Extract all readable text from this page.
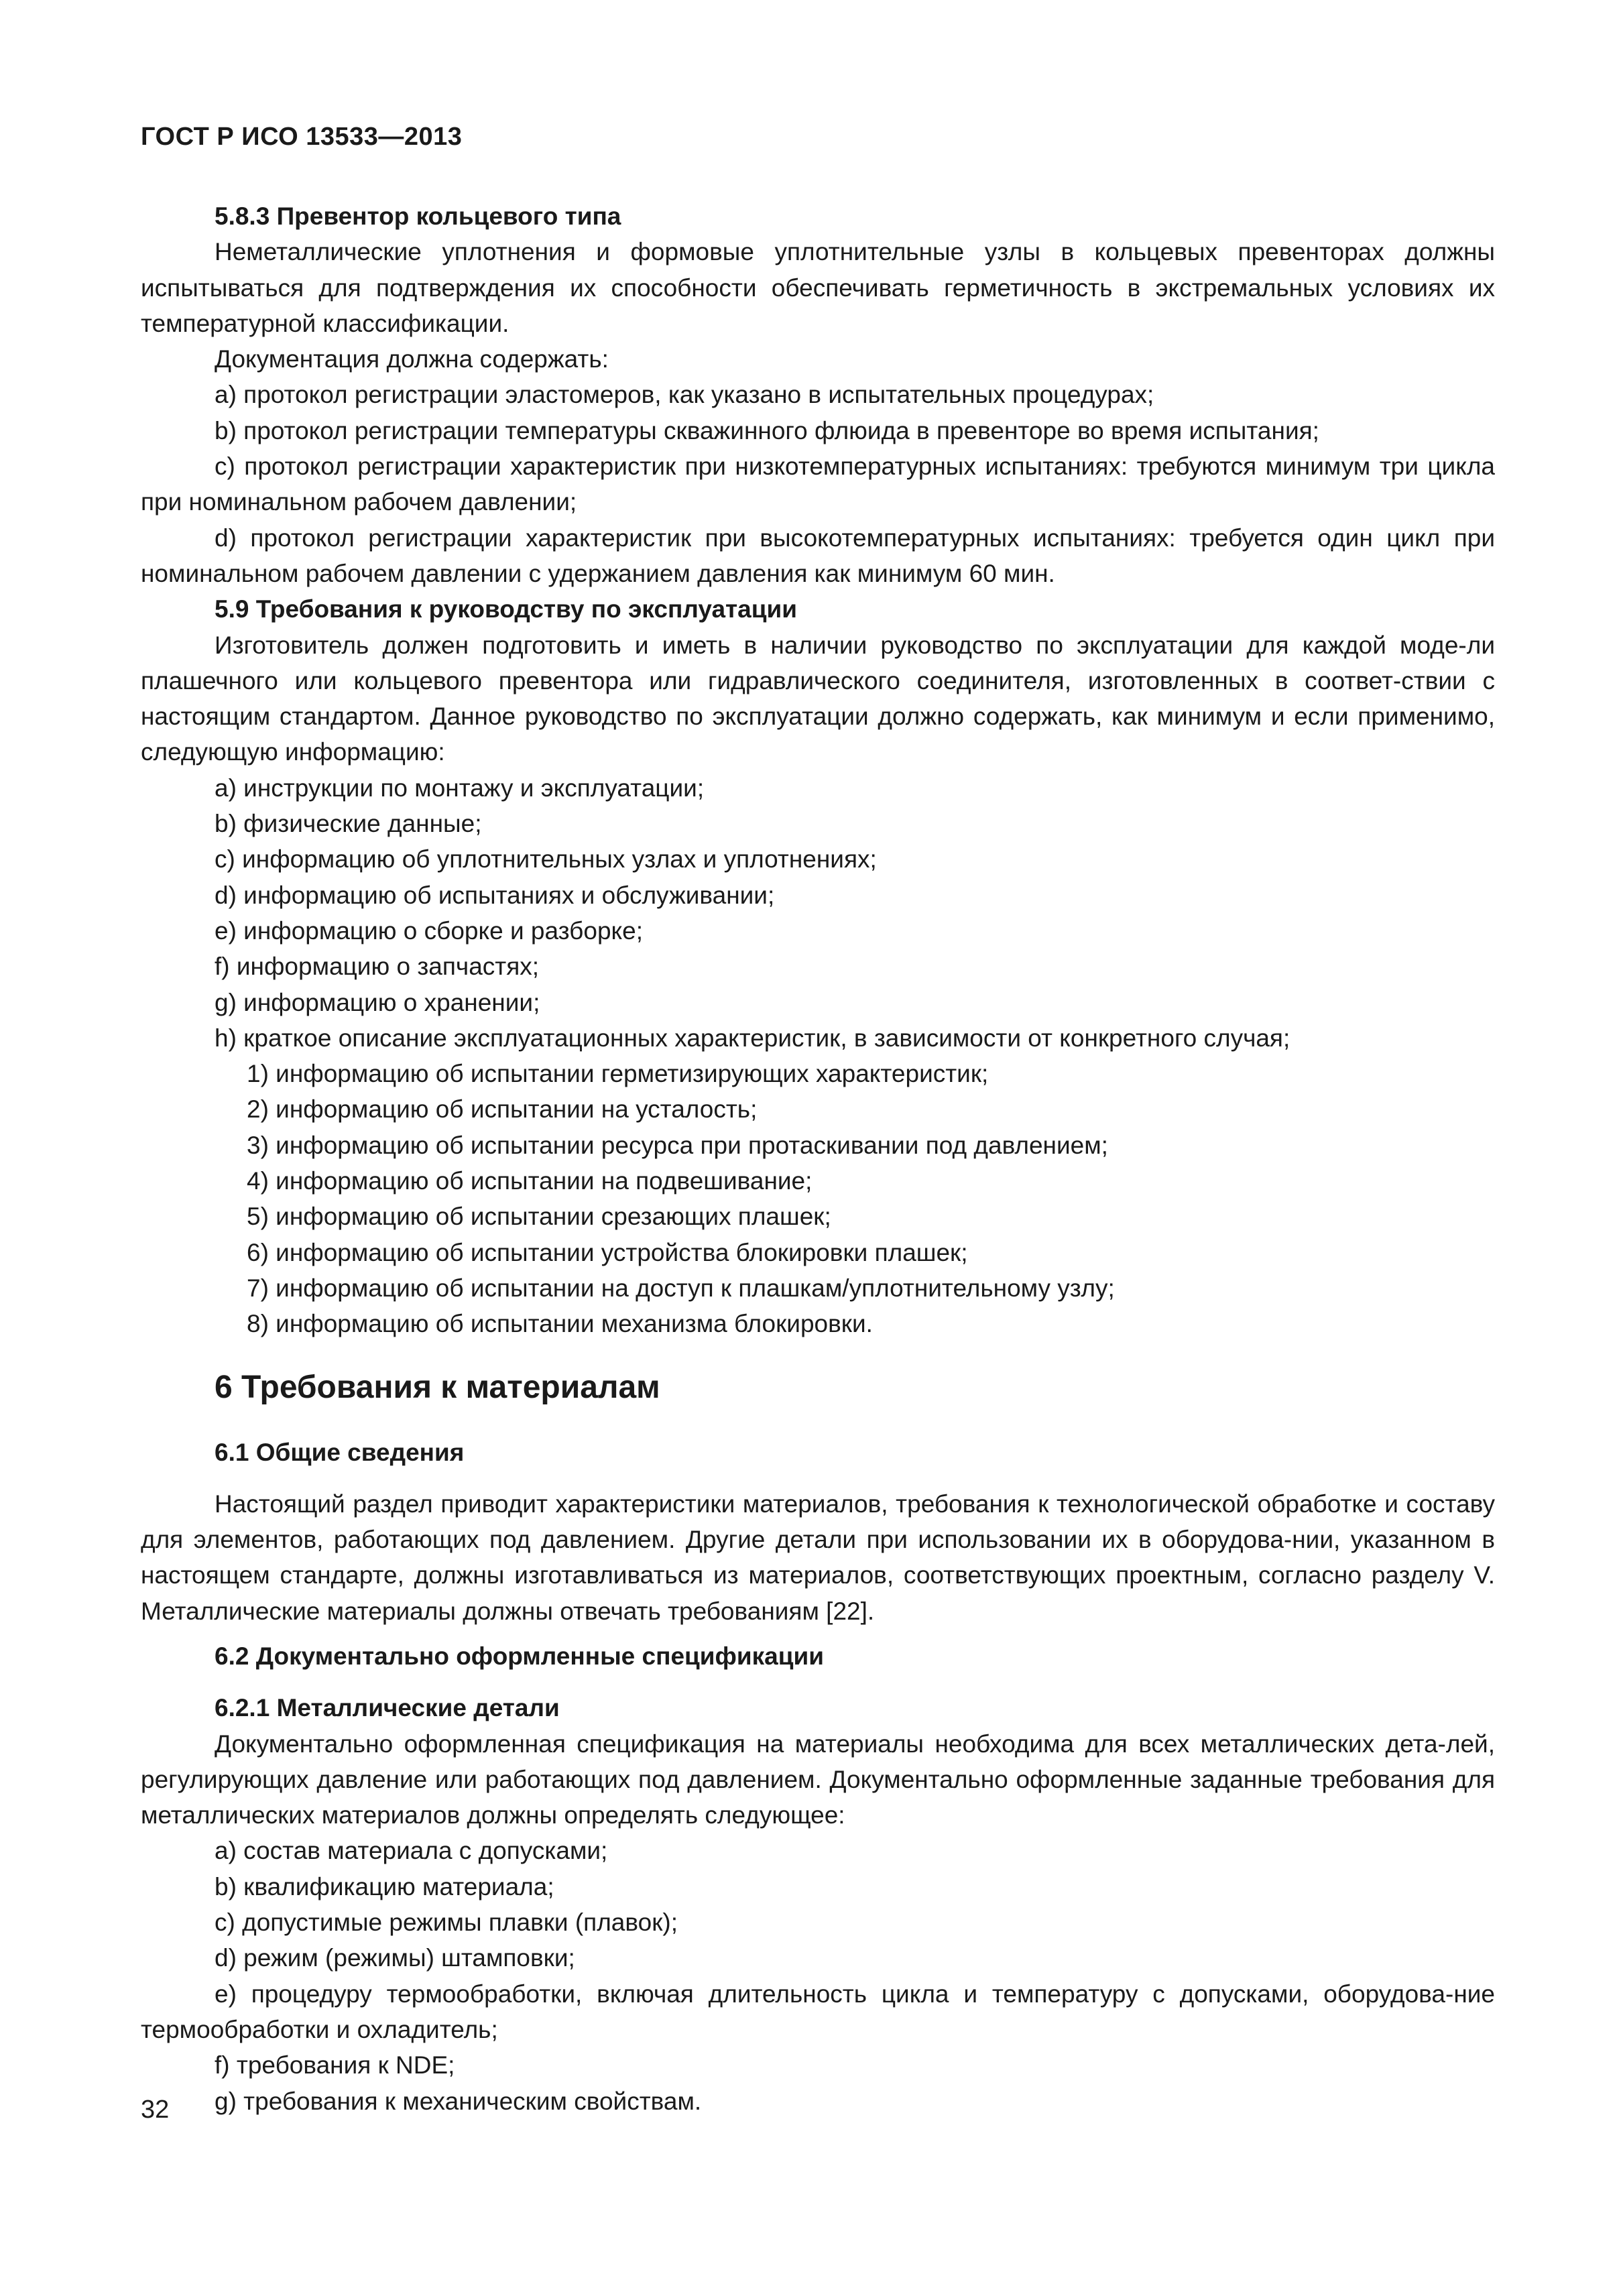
ГОСТ Р ИСО 13533—2013

5.8.3 Превентор кольцевого типа

Неметаллические уплотнения и формовые уплотнительные узлы в кольцевых превенторах должны испытываться для подтверждения их способности обеспечивать герметичность в экстремальных условиях их температурной классификации.

Документация должна содержать:

a) протокол регистрации эластомеров, как указано в испытательных процедурах;

b) протокол регистрации температуры скважинного флюида в превенторе во время испытания;

c) протокол регистрации характеристик при низкотемпературных испытаниях: требуются минимум три цикла при номинальном рабочем давлении;

d) протокол регистрации характеристик при высокотемпературных испытаниях: требуется один цикл при номинальном рабочем давлении с удержанием давления как минимум 60 мин.

5.9 Требования к руководству по эксплуатации

Изготовитель должен подготовить и иметь в наличии руководство по эксплуатации для каждой моде-ли плашечного или кольцевого превентора или гидравлического соединителя, изготовленных в соответ-ствии с настоящим стандартом. Данное руководство по эксплуатации должно содержать, как минимум и если применимо, следующую информацию:

a) инструкции по монтажу и эксплуатации;

b) физические данные;

c) информацию об уплотнительных узлах и уплотнениях;

d) информацию об испытаниях и обслуживании;

e) информацию о сборке и разборке;

f) информацию о запчастях;

g) информацию о хранении;

h) краткое описание эксплуатационных характеристик, в зависимости от конкретного случая;

1) информацию об испытании герметизирующих характеристик;

2) информацию об испытании на усталость;

3) информацию об испытании ресурса при протаскивании под давлением;

4) информацию об испытании на подвешивание;

5) информацию об испытании срезающих плашек;

6) информацию об испытании устройства блокировки плашек;

7) информацию об испытании на доступ к плашкам/уплотнительному узлу;

8) информацию об испытании механизма блокировки.

6 Требования к материалам

6.1 Общие сведения

Настоящий раздел приводит характеристики материалов, требования к технологической обработке и составу для элементов, работающих под давлением. Другие детали при использовании их в оборудова-нии, указанном в настоящем стандарте, должны изготавливаться из материалов, соответствующих проектным, согласно разделу V. Металлические материалы должны отвечать требованиям [22].

6.2 Документально оформленные спецификации

6.2.1 Металлические детали

Документально оформленная спецификация на материалы необходима для всех металлических дета-лей, регулирующих давление или работающих под давлением. Документально оформленные заданные требования для металлических материалов должны определять следующее:

a) состав материала с допусками;

b) квалификацию материала;

c) допустимые режимы плавки (плавок);

d) режим (режимы) штамповки;

e) процедуру термообработки, включая длительность цикла и температуру с допусками, оборудова-ние термообработки и охладитель;

f) требования к NDE;

g) требования к механическим свойствам.

32
